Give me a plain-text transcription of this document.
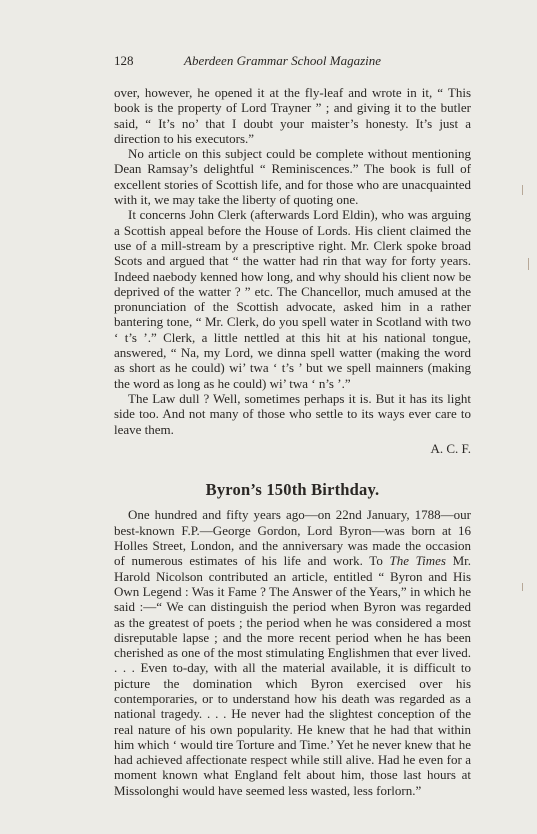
128	Aberdeen Grammar School Magazine

over, however, he opened it at the fly-leaf and wrote in it, “ This book is the property of Lord Trayner ” ; and giving it to the butler said, “ It’s no’ that I doubt your maister’s honesty. It’s just a direction to his executors.”

No article on this subject could be complete without mentioning Dean Ramsay’s delightful “ Reminiscences.” The book is full of excellent stories of Scottish life, and for those who are unacquainted with it, we may take the liberty of quoting one.

It concerns John Clerk (afterwards Lord Eldin), who was arguing a Scottish appeal before the House of Lords. His client claimed the use of a mill-stream by a prescriptive right. Mr. Clerk spoke broad Scots and argued that “ the watter had rin that way for forty years. Indeed naebody kenned how long, and why should his client now be deprived of the watter ? ” etc. The Chancellor, much amused at the pronunciation of the Scottish advocate, asked him in a rather bantering tone, “ Mr. Clerk, do you spell water in Scotland with two ‘ t’s ’.” Clerk, a little nettled at this hit at his national tongue, answered, “ Na, my Lord, we dinna spell watter (making the word as short as he could) wi’ twa ‘ t’s ’ but we spell mainners (making the word as long as he could) wi’ twa ‘ n’s ’.”

The Law dull ? Well, sometimes perhaps it is. But it has its light side too. And not many of those who settle to its ways ever care to leave them.

A. C. F.
Byron’s 150th Birthday.

One hundred and fifty years ago—on 22nd January, 1788—our best-known F.P.—George Gordon, Lord Byron—was born at 16 Holles Street, London, and the anniversary was made the occasion of numerous estimates of his life and work. To The Times Mr. Harold Nicolson contributed an article, entitled “ Byron and His Own Legend : Was it Fame ? The Answer of the Years,” in which he said :—“ We can distinguish the period when Byron was regarded as the greatest of poets ; the period when he was considered a most disreputable lapse ; and the more recent period when he has been cherished as one of the most stimulating Englishmen that ever lived. . . . Even to-day, with all the material available, it is difficult to picture the domination which Byron exercised over his contemporaries, or to understand how his death was regarded as a national tragedy. . . . He never had the slightest conception of the real nature of his own popularity. He knew that he had that within him which ‘ would tire Torture and Time.’ Yet he never knew that he had achieved affectionate respect while still alive. Had he even for a moment known what England felt about him, those last hours at Missolonghi would have seemed less wasted, less forlorn.”
